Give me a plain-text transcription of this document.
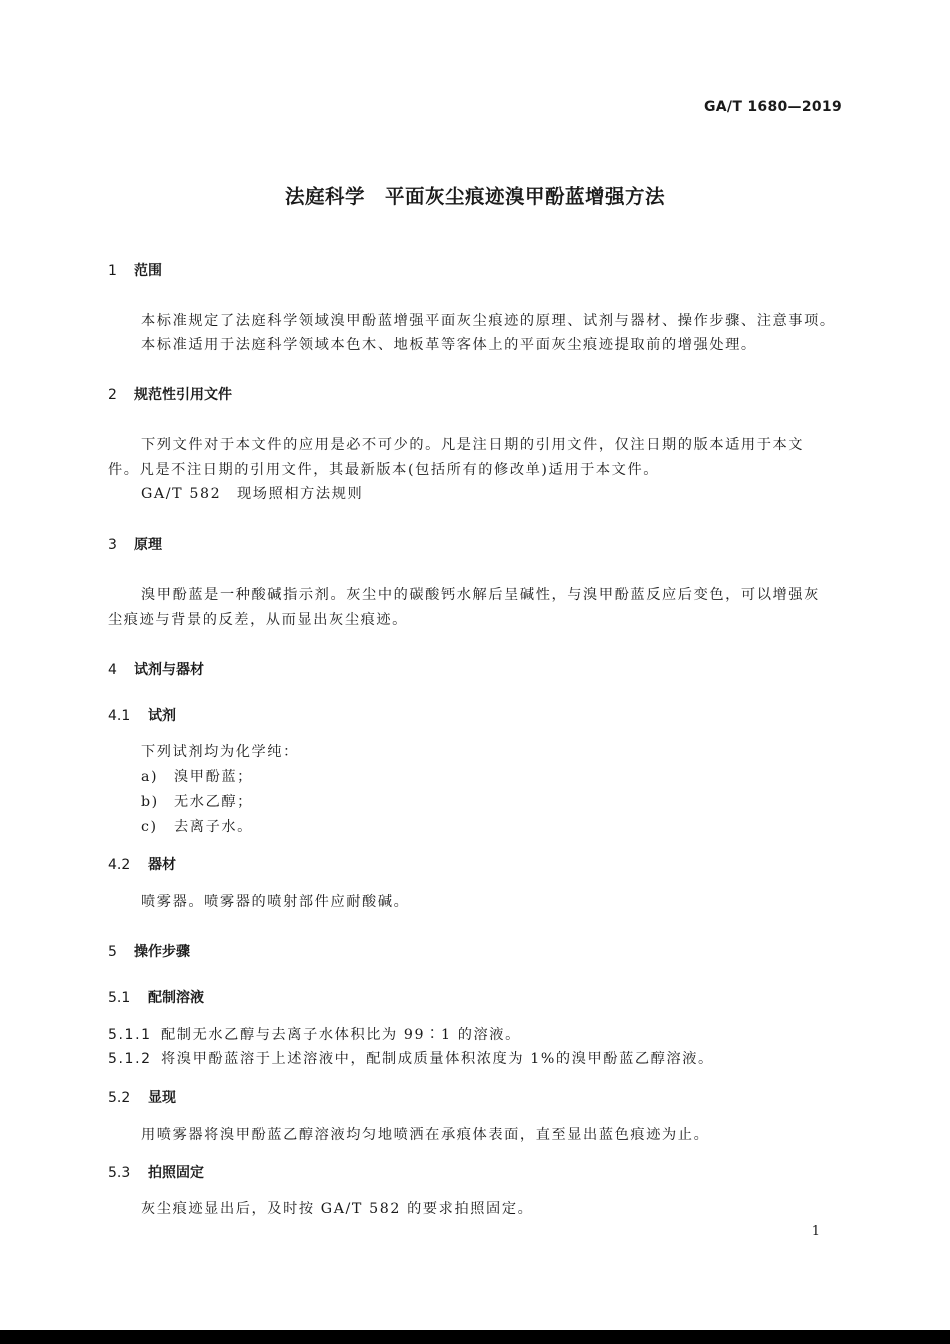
GA/T 1680—2019
法庭科学　平面灰尘痕迹溴甲酚蓝增强方法
1 范围
本标准规定了法庭科学领域溴甲酚蓝增强平面灰尘痕迹的原理、试剂与器材、操作步骤、注意事项。
本标准适用于法庭科学领域本色木、地板革等客体上的平面灰尘痕迹提取前的增强处理。
2 规范性引用文件
下列文件对于本文件的应用是必不可少的。凡是注日期的引用文件，仅注日期的版本适用于本文
件。凡是不注日期的引用文件，其最新版本(包括所有的修改单)适用于本文件。
GA/T 582　现场照相方法规则
3 原理
溴甲酚蓝是一种酸碱指示剂。灰尘中的碳酸钙水解后呈碱性，与溴甲酚蓝反应后变色，可以增强灰
尘痕迹与背景的反差，从而显出灰尘痕迹。
4 试剂与器材
4.1 试剂
下列试剂均为化学纯：
a) 溴甲酚蓝；
b) 无水乙醇；
c) 去离子水。
4.2 器材
喷雾器。喷雾器的喷射部件应耐酸碱。
5 操作步骤
5.1 配制溶液
5.1.1 配制无水乙醇与去离子水体积比为 99∶1 的溶液。
5.1.2 将溴甲酚蓝溶于上述溶液中，配制成质量体积浓度为 1%的溴甲酚蓝乙醇溶液。
5.2 显现
用喷雾器将溴甲酚蓝乙醇溶液均匀地喷洒在承痕体表面，直至显出蓝色痕迹为止。
5.3 拍照固定
灰尘痕迹显出后，及时按 GA/T 582 的要求拍照固定。
1
